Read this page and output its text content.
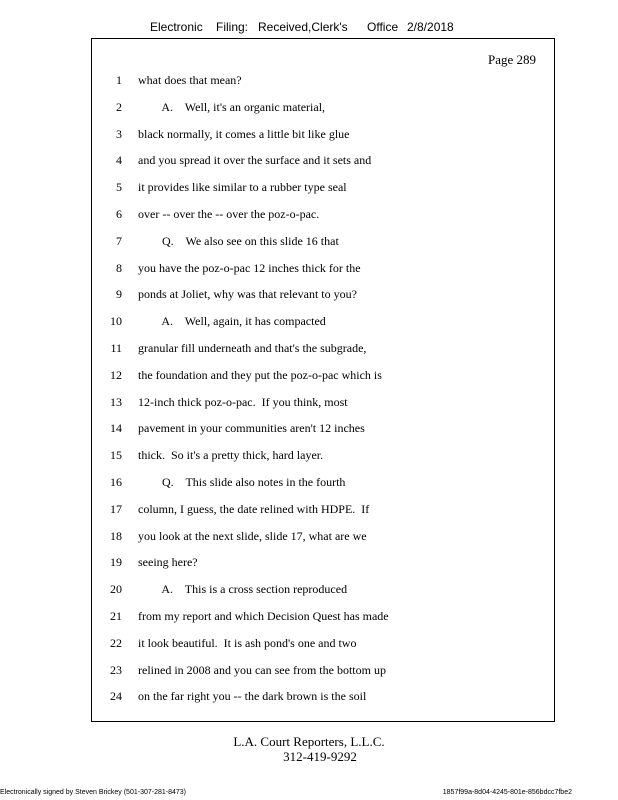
Electronic Filing: Received,Clerk's Office 2/8/2018
Page 289
1 what does that mean?
2 A.    Well, it's an organic material,
3 black normally, it comes a little bit like glue
4 and you spread it over the surface and it sets and
5 it provides like similar to a rubber type seal
6 over -- over the -- over the poz-o-pac.
7 Q.    We also see on this slide 16 that
8 you have the poz-o-pac 12 inches thick for the
9 ponds at Joliet, why was that relevant to you?
10 A.    Well, again, it has compacted
11 granular fill underneath and that's the subgrade,
12 the foundation and they put the poz-o-pac which is
13 12-inch thick poz-o-pac.  If you think, most
14 pavement in your communities aren't 12 inches
15 thick.  So it's a pretty thick, hard layer.
16 Q.    This slide also notes in the fourth
17 column, I guess, the date relined with HDPE.  If
18 you look at the next slide, slide 17, what are we
19 seeing here?
20 A.    This is a cross section reproduced
21 from my report and which Decision Quest has made
22 it look beautiful.  It is ash pond's one and two
23 relined in 2008 and you can see from the bottom up
24 on the far right you -- the dark brown is the soil
L.A. Court Reporters, L.L.C.
312-419-9292
Electronically signed by Steven Brickey (501-307-281-8473)	1857f99a-8d04-4245-801e-856bdcc7fbe2
